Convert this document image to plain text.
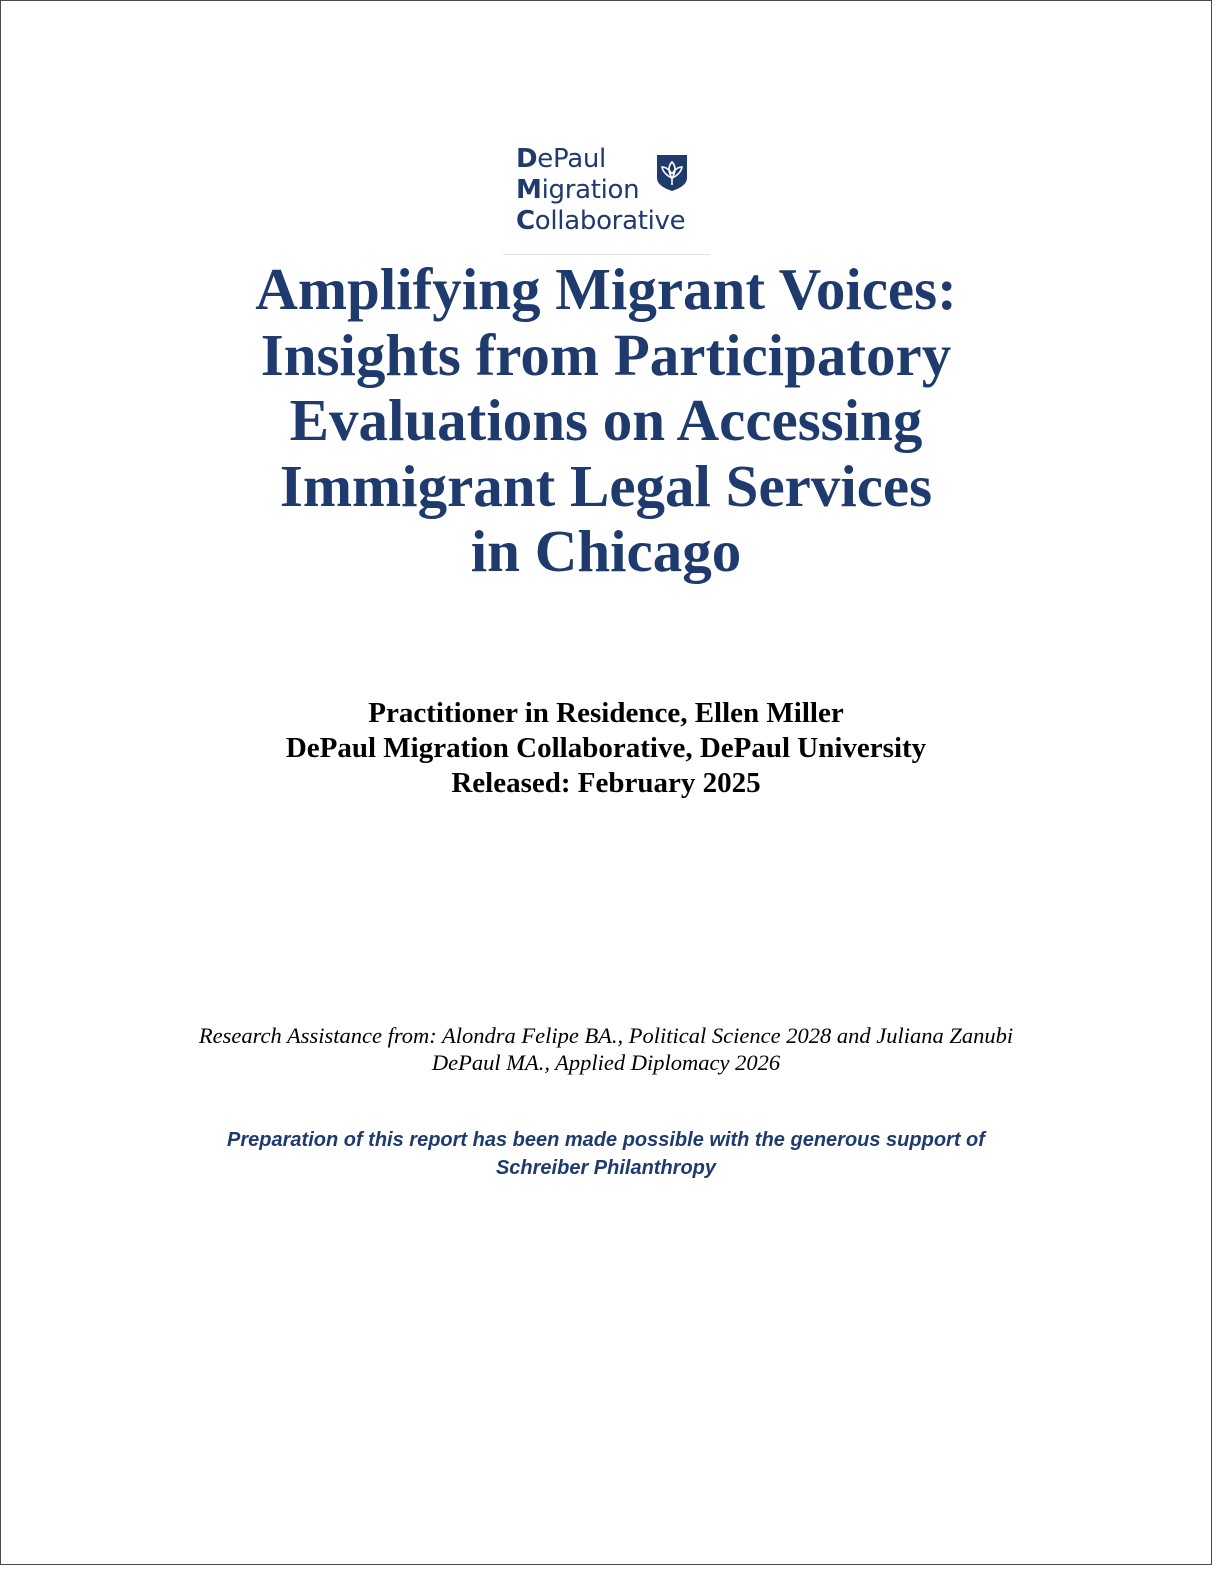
DePaul
Migration
Collaborative
Amplifying Migrant Voices:
Insights from Participatory
Evaluations on Accessing
Immigrant Legal Services
in Chicago
Practitioner in Residence, Ellen Miller
DePaul Migration Collaborative, DePaul University
Released: February 2025
Research Assistance from: Alondra Felipe BA., Political Science 2028 and Juliana Zanubi
DePaul MA., Applied Diplomacy 2026
Preparation of this report has been made possible with the generous support of
Schreiber Philanthropy
